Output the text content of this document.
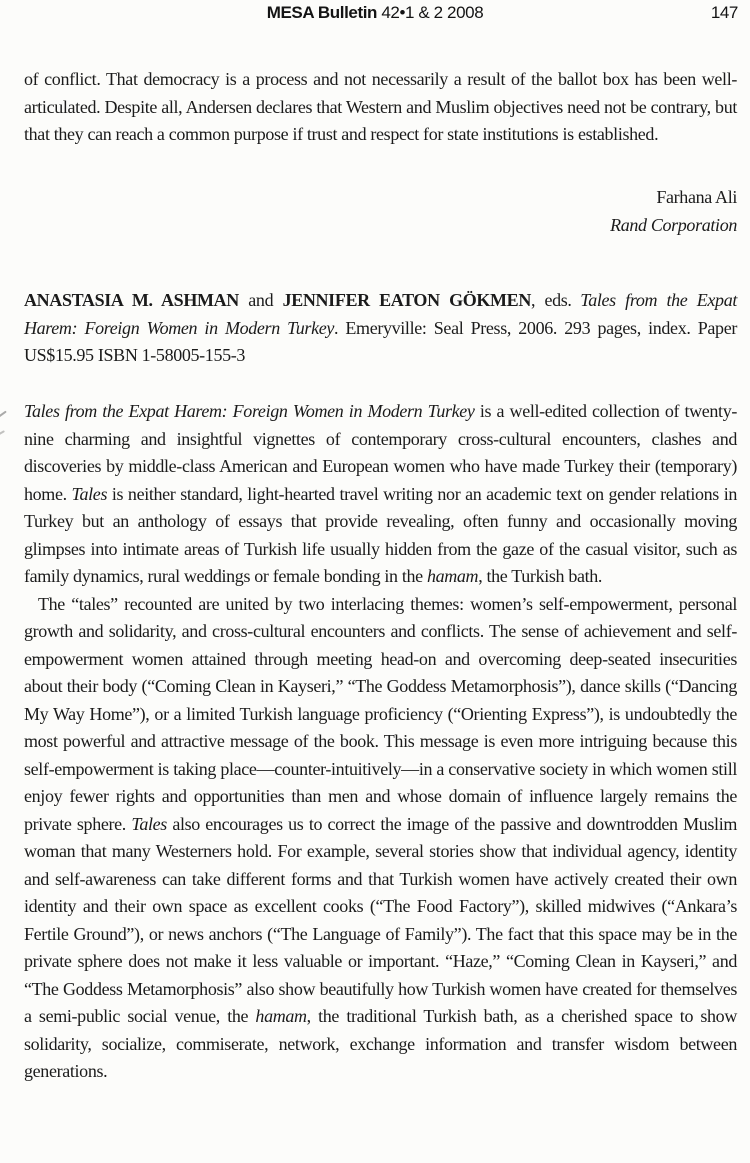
MESA Bulletin 42•1 & 2 2008	147
of conflict. That democracy is a process and not necessarily a result of the ballot box has been well-articulated. Despite all, Andersen declares that Western and Muslim objectives need not be contrary, but that they can reach a common purpose if trust and respect for state institutions is established.
Farhana Ali
Rand Corporation
ANASTASIA M. ASHMAN and JENNIFER EATON GÖKMEN, eds. Tales from the Expat Harem: Foreign Women in Modern Turkey. Emeryville: Seal Press, 2006. 293 pages, index. Paper US$15.95 ISBN 1-58005-155-3

Tales from the Expat Harem: Foreign Women in Modern Turkey is a well-edited collection of twenty-nine charming and insightful vignettes of contemporary cross-cultural encounters, clashes and discoveries by middle-class American and European women who have made Turkey their (temporary) home. Tales is neither standard, light-hearted travel writing nor an academic text on gender relations in Turkey but an anthology of essays that provide revealing, often funny and occasionally moving glimpses into intimate areas of Turkish life usually hidden from the gaze of the casual visitor, such as family dynamics, rural weddings or female bonding in the hamam, the Turkish bath.

The “tales” recounted are united by two interlacing themes: women’s self-empowerment, personal growth and solidarity, and cross-cultural encounters and conflicts. The sense of achievement and self-empowerment women attained through meeting head-on and overcoming deep-seated insecurities about their body (“Coming Clean in Kayseri,” “The Goddess Metamorphosis”), dance skills (“Dancing My Way Home”), or a limited Turkish language proficiency (“Orienting Express”), is undoubtedly the most powerful and attractive message of the book. This message is even more intriguing because this self-empowerment is taking place—counter-intuitively—in a conservative society in which women still enjoy fewer rights and opportunities than men and whose domain of influence largely remains the private sphere. Tales also encourages us to correct the image of the passive and downtrodden Muslim woman that many Westerners hold. For example, several stories show that individual agency, identity and self-awareness can take different forms and that Turkish women have actively created their own identity and their own space as excellent cooks (“The Food Factory”), skilled midwives (“Ankara’s Fertile Ground”), or news anchors (“The Language of Family”). The fact that this space may be in the private sphere does not make it less valuable or important. “Haze,” “Coming Clean in Kayseri,” and “The Goddess Metamorphosis” also show beautifully how Turkish women have created for themselves a semi-public social venue, the hamam, the traditional Turkish bath, as a cherished space to show solidarity, socialize, commiserate, network, exchange information and transfer wisdom between generations.
